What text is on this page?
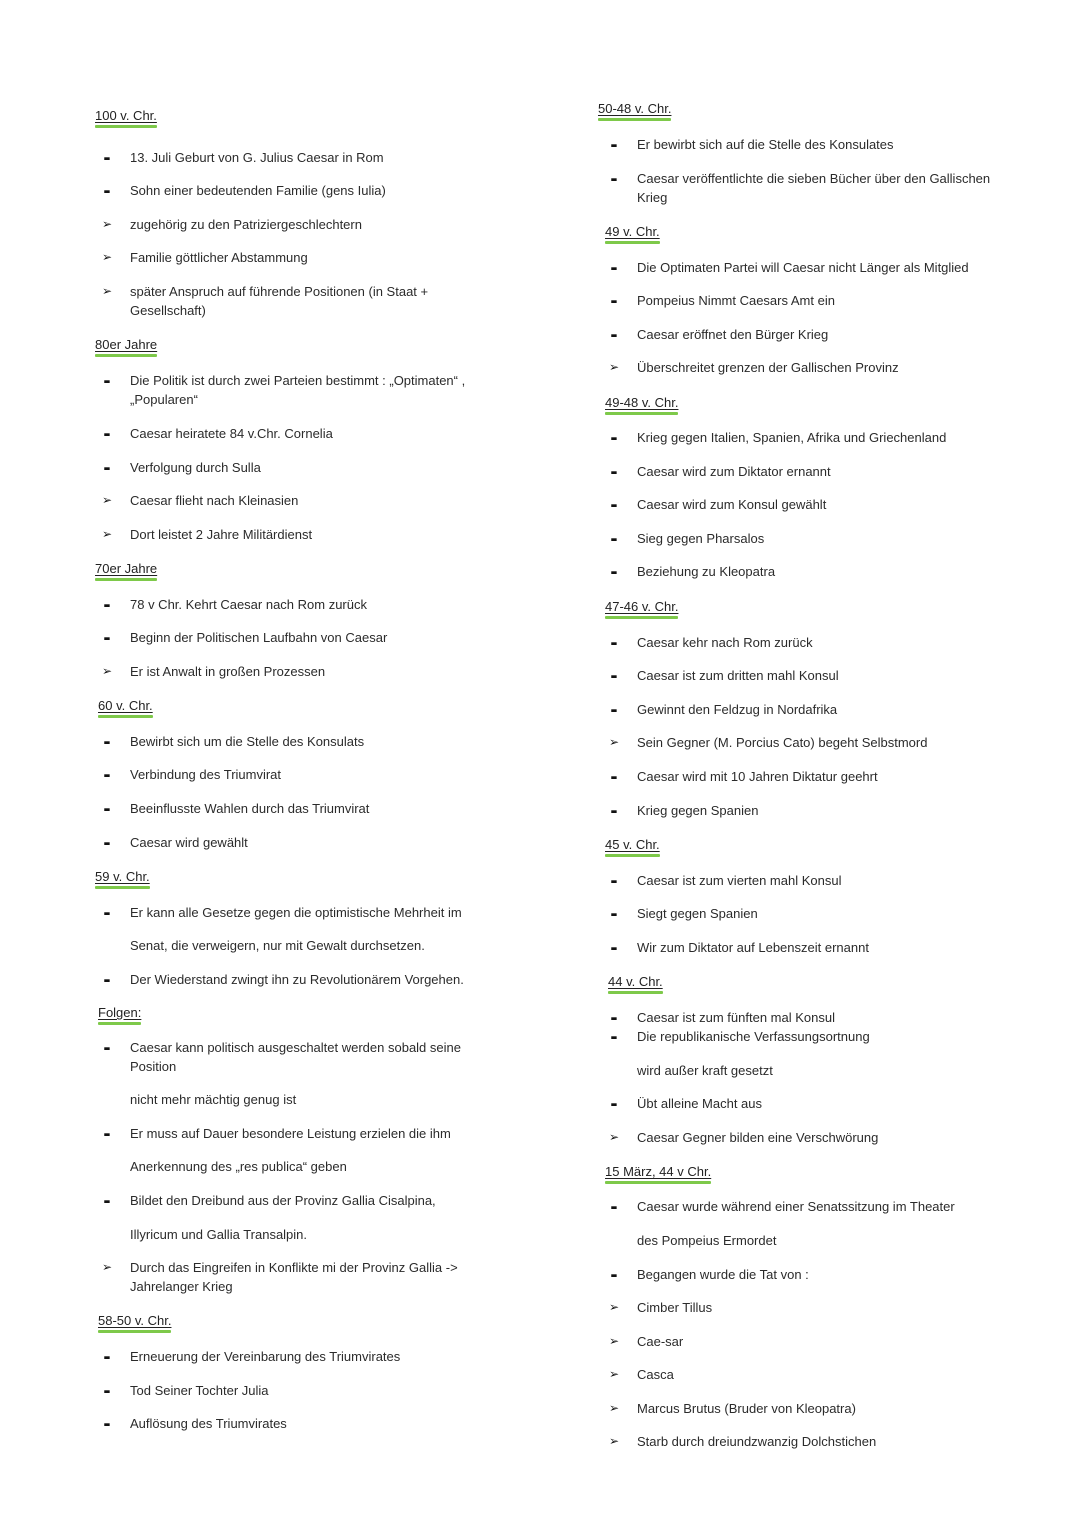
100 v. Chr.
▬ 13. Juli Geburt von G. Julius Caesar in Rom
▬ Sohn einer bedeutenden Familie (gens Iulia)
➢ zugehörig zu den Patriziergeschlechtern
➢ Familie göttlicher Abstammung
➢ später Anspruch auf führende Positionen (in Staat +
Gesellschaft)
80er Jahre
▬ Die Politik ist durch zwei Parteien bestimmt : „Optimaten“ ,
„Popularen“
▬ Caesar heiratete 84 v.Chr. Cornelia
▬ Verfolgung durch Sulla
➢ Caesar flieht nach Kleinasien
➢ Dort leistet 2 Jahre Militärdienst
70er Jahre
▬ 78 v Chr. Kehrt Caesar nach Rom zurück
▬ Beginn der Politischen Laufbahn von Caesar
➢ Er ist Anwalt in großen Prozessen
60 v. Chr.
▬ Bewirbt sich um die Stelle des Konsulats
▬ Verbindung des Triumvirat
▬ Beeinflusste Wahlen durch das Triumvirat
▬ Caesar wird gewählt
59 v. Chr.
▬ Er kann alle Gesetze gegen die optimistische Mehrheit im
Senat, die verweigern, nur mit Gewalt durchsetzen.
▬ Der Wiederstand zwingt ihn zu Revolutionärem Vorgehen.
Folgen:
▬ Caesar kann politisch ausgeschaltet werden sobald seine
Position
nicht mehr mächtig genug ist
▬ Er muss auf Dauer besondere Leistung erzielen die ihm
Anerkennung des „res publica“ geben
▬ Bildet den Dreibund aus der Provinz Gallia Cisalpina,
Illyricum und Gallia Transalpin.
➢ Durch das Eingreifen in Konflikte mi der Provinz Gallia ->
Jahrelanger Krieg
58-50 v. Chr.
▬ Erneuerung der Vereinbarung des Triumvirates
▬ Tod Seiner Tochter Julia
▬ Auflösung des Triumvirates
50-48 v. Chr.
▬ Er bewirbt sich auf die Stelle des Konsulates
▬ Caesar veröffentlichte die sieben Bücher über den Gallischen
Krieg
49 v. Chr.
▬ Die Optimaten Partei will Caesar nicht Länger als Mitglied
▬ Pompeius Nimmt Caesars Amt ein
▬ Caesar eröffnet den Bürger Krieg
➢ Überschreitet grenzen der Gallischen Provinz
49-48 v. Chr.
▬ Krieg gegen Italien, Spanien, Afrika und Griechenland
▬ Caesar wird zum Diktator ernannt
▬ Caesar wird zum Konsul gewählt
▬ Sieg gegen Pharsalos
▬ Beziehung zu Kleopatra
47-46 v. Chr.
▬ Caesar kehr nach Rom zurück
▬ Caesar ist zum dritten mahl Konsul
▬ Gewinnt den Feldzug in Nordafrika
➢ Sein Gegner (M. Porcius Cato) begeht Selbstmord
▬ Caesar wird mit 10 Jahren Diktatur geehrt
▬ Krieg gegen Spanien
45 v. Chr.
▬ Caesar ist zum vierten mahl Konsul
▬ Siegt gegen Spanien
▬ Wir zum Diktator auf Lebenszeit ernannt
44 v. Chr.
▬ Caesar ist zum fünften mal Konsul
▬ Die republikanische Verfassungsortnung
wird außer kraft gesetzt
▬ Übt alleine Macht aus
➢ Caesar Gegner bilden eine Verschwörung
15 März, 44 v Chr.
▬ Caesar wurde während einer Senatssitzung im Theater
des Pompeius Ermordet
▬ Begangen wurde die Tat von :
➢ Cimber Tillus
➢ Cae-sar
➢ Casca
➢ Marcus Brutus (Bruder von Kleopatra)
➢ Starb durch dreiundzwanzig Dolchstichen
